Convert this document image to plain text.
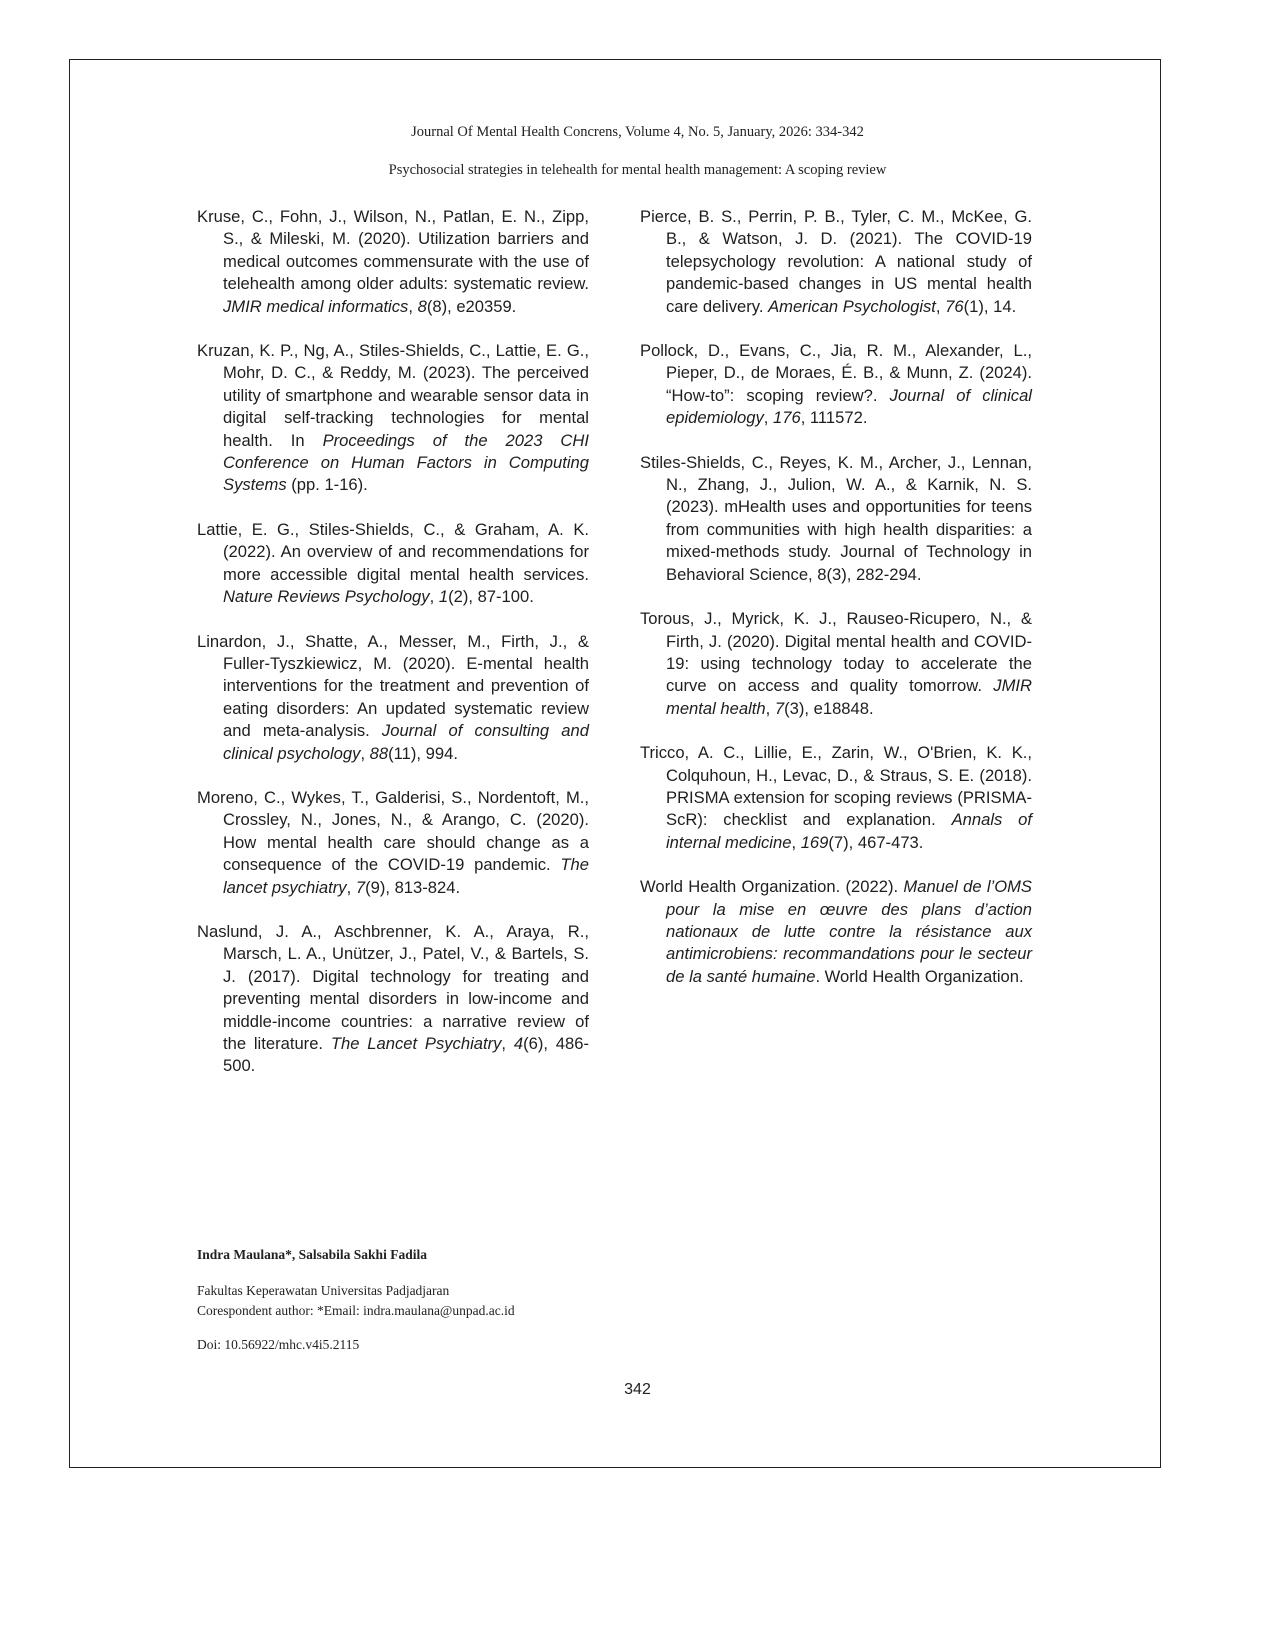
Journal Of Mental Health Concrens, Volume 4, No. 5, January, 2026: 334-342
Psychosocial strategies in telehealth for mental health management: A scoping review

Kruse, C., Fohn, J., Wilson, N., Patlan, E. N., Zipp, S., & Mileski, M. (2020). Utilization barriers and medical outcomes commensurate with the use of telehealth among older adults: systematic review. JMIR medical informatics, 8(8), e20359.

Kruzan, K. P., Ng, A., Stiles-Shields, C., Lattie, E. G., Mohr, D. C., & Reddy, M. (2023). The perceived utility of smartphone and wearable sensor data in digital self-tracking technologies for mental health. In Proceedings of the 2023 CHI Conference on Human Factors in Computing Systems (pp. 1-16).

Lattie, E. G., Stiles-Shields, C., & Graham, A. K. (2022). An overview of and recommendations for more accessible digital mental health services. Nature Reviews Psychology, 1(2), 87-100.

Linardon, J., Shatte, A., Messer, M., Firth, J., & Fuller-Tyszkiewicz, M. (2020). E-mental health interventions for the treatment and prevention of eating disorders: An updated systematic review and meta-analysis. Journal of consulting and clinical psychology, 88(11), 994.

Moreno, C., Wykes, T., Galderisi, S., Nordentoft, M., Crossley, N., Jones, N., & Arango, C. (2020). How mental health care should change as a consequence of the COVID-19 pandemic. The lancet psychiatry, 7(9), 813-824.

Naslund, J. A., Aschbrenner, K. A., Araya, R., Marsch, L. A., Unützer, J., Patel, V., & Bartels, S. J. (2017). Digital technology for treating and preventing mental disorders in low-income and middle-income countries: a narrative review of the literature. The Lancet Psychiatry, 4(6), 486-500.

Pierce, B. S., Perrin, P. B., Tyler, C. M., McKee, G. B., & Watson, J. D. (2021). The COVID-19 telepsychology revolution: A national study of pandemic-based changes in US mental health care delivery. American Psychologist, 76(1), 14.

Pollock, D., Evans, C., Jia, R. M., Alexander, L., Pieper, D., de Moraes, É. B., & Munn, Z. (2024). “How-to”: scoping review?. Journal of clinical epidemiology, 176, 111572.

Stiles-Shields, C., Reyes, K. M., Archer, J., Lennan, N., Zhang, J., Julion, W. A., & Karnik, N. S. (2023). mHealth uses and opportunities for teens from communities with high health disparities: a mixed-methods study. Journal of Technology in Behavioral Science, 8(3), 282-294.

Torous, J., Myrick, K. J., Rauseo-Ricupero, N., & Firth, J. (2020). Digital mental health and COVID-19: using technology today to accelerate the curve on access and quality tomorrow. JMIR mental health, 7(3), e18848.

Tricco, A. C., Lillie, E., Zarin, W., O'Brien, K. K., Colquhoun, H., Levac, D., & Straus, S. E. (2018). PRISMA extension for scoping reviews (PRISMA-ScR): checklist and explanation. Annals of internal medicine, 169(7), 467-473.

World Health Organization. (2022). Manuel de l’OMS pour la mise en œuvre des plans d’action nationaux de lutte contre la résistance aux antimicrobiens: recommandations pour le secteur de la santé humaine. World Health Organization.

Indra Maulana*, Salsabila Sakhi Fadila

Fakultas Keperawatan Universitas Padjadjaran
Corespondent author: *Email: indra.maulana@unpad.ac.id

Doi: 10.56922/mhc.v4i5.2115

342
